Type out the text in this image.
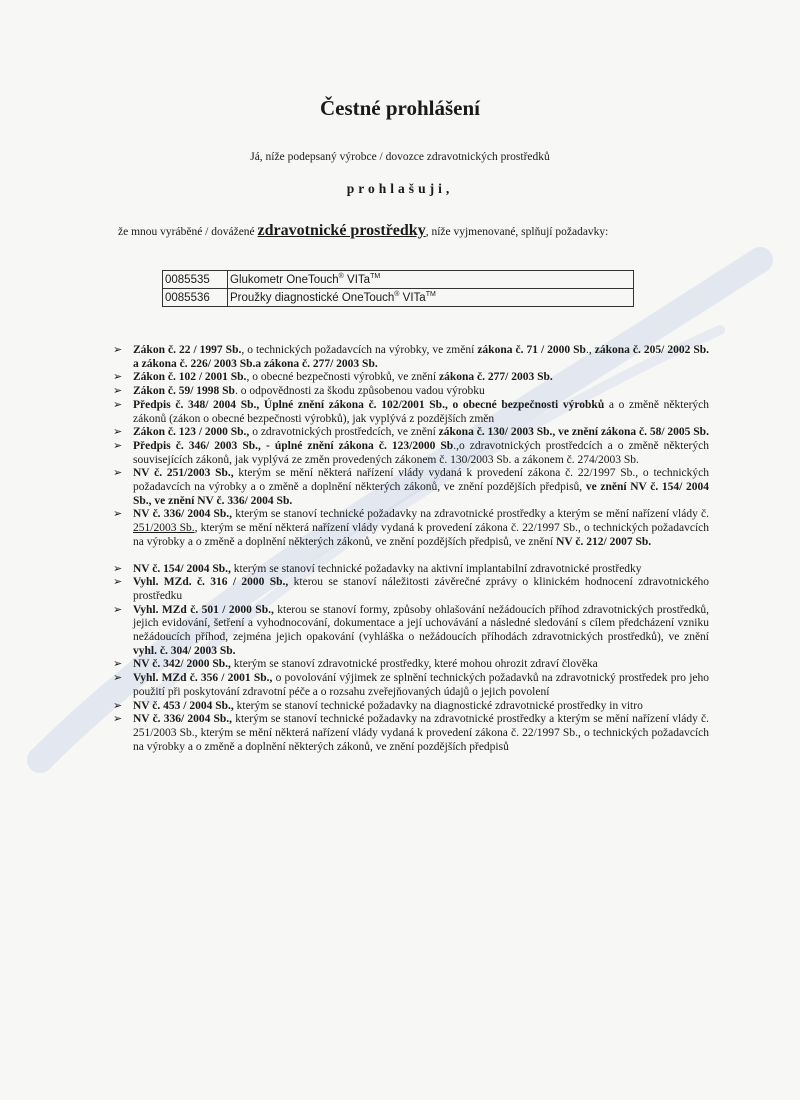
Čestné prohlášení
Já, níže podepsaný výrobce / dovozce zdravotnických prostředků
prohlašuji,
že mnou vyráběné / dovážené zdravotnické prostředky, níže vyjmenované, splňují požadavky:
0085535	Glukometr OneTouch® VITa™
0085536	Proužky diagnostické OneTouch® VITa™
➢ Zákon č. 22 / 1997 Sb., o technických požadavcích na výrobky, ve změní zákona č. 71 / 2000 Sb., zákona č. 205/ 2002 Sb. a zákona č. 226/ 2003 Sb.a zákona č. 277/ 2003 Sb.
➢ Zákon č. 102 / 2001 Sb., o obecné bezpečnosti výrobků, ve znění zákona č. 277/ 2003 Sb.
➢ Zákon č. 59/ 1998 Sb. o odpovědnosti za škodu způsobenou vadou výrobku
➢ Předpis č. 348/ 2004 Sb., Úplné znění zákona č. 102/2001 Sb., o obecné bezpečnosti výrobků a o změně některých zákonů (zákon o obecné bezpečnosti výrobků), jak vyplývá z pozdějších změn
➢ Zákon č. 123 / 2000 Sb., o zdravotnických prostředcích, ve znění zákona č. 130/ 2003 Sb., ve znění zákona č. 58/ 2005 Sb.
➢ Předpis č. 346/ 2003 Sb., - úplné znění zákona č. 123/2000 Sb.,o zdravotnických prostředcích a o změně některých souvisejících zákonů, jak vyplývá ze změn provedených zákonem č. 130/2003 Sb. a zákonem č. 274/2003 Sb.
➢ NV č. 251/2003 Sb., kterým se mění některá nařízení vlády vydaná k provedení zákona č. 22/1997 Sb., o technických požadavcích na výrobky a o změně a doplnění některých zákonů, ve znění pozdějších předpisů, ve znění NV č. 154/ 2004 Sb., ve znění NV č. 336/ 2004 Sb.
➢ NV č. 336/ 2004 Sb., kterým se stanoví technické požadavky na zdravotnické prostředky a kterým se mění nařízení vlády č. 251/2003 Sb., kterým se mění některá nařízení vlády vydaná k provedení zákona č. 22/1997 Sb., o technických požadavcích na výrobky a o změně a doplnění některých zákonů, ve znění pozdějších předpisů, ve znění NV č. 212/ 2007 Sb.
➢ NV č. 154/ 2004 Sb., kterým se stanoví technické požadavky na aktivní implantabilní zdravotnické prostředky
➢ Vyhl. MZd. č. 316 / 2000 Sb., kterou se stanoví náležitosti závěrečné zprávy o klinickém hodnocení zdravotnického prostředku
➢ Vyhl. MZd č. 501 / 2000 Sb., kterou se stanoví formy, způsoby ohlašování nežádoucích příhod zdravotnických prostředků, jejich evidování, šetření a vyhodnocování, dokumentace a její uchovávání a následné sledování s cílem předcházení vzniku nežádoucích příhod, zejména jejich opakování (vyhláška o nežádoucích příhodách zdravotnických prostředků), ve znění vyhl. č. 304/ 2003 Sb.
➢ NV č. 342/ 2000 Sb., kterým se stanoví zdravotnické prostředky, které mohou ohrozit zdraví člověka
➢ Vyhl. MZd č. 356 / 2001 Sb., o povolování výjimek ze splnění technických požadavků na zdravotnický prostředek pro jeho použití při poskytování zdravotní péče a o rozsahu zveřejňovaných údajů o jejich povolení
➢ NV č. 453 / 2004 Sb., kterým se stanoví technické požadavky na diagnostické zdravotnické prostředky in vitro
➢ NV č. 336/ 2004 Sb., kterým se stanoví technické požadavky na zdravotnické prostředky a kterým se mění nařízení vlády č. 251/2003 Sb., kterým se mění některá nařízení vlády vydaná k provedení zákona č. 22/1997 Sb., o technických požadavcích na výrobky a o změně a doplnění některých zákonů, ve znění pozdějších předpisů
